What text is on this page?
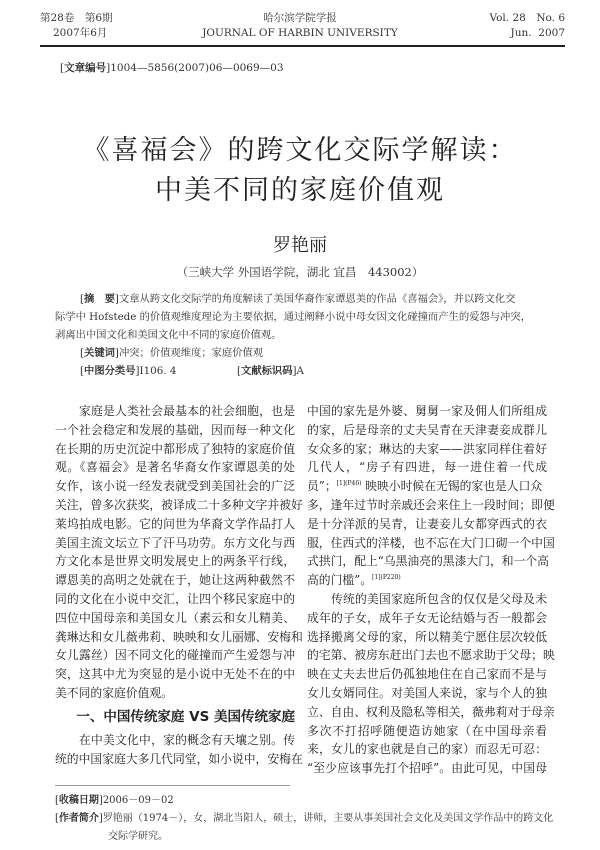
第28卷　第6期
2007年6月
哈尔滨学院学报
JOURNAL OF HARBIN UNIVERSITY
Vol. 28　No. 6
Jun.  2007
[文章编号]1004—5856(2007)06—0069—03
《喜福会》的跨文化交际学解读：
中美不同的家庭价值观
罗艳丽
（三峡大学 外国语学院，湖北 宜昌　443002）
[摘　要]文章从跨文化交际学的角度解读了美国华裔作家谭恩美的作品《喜福会》，并以跨文化交
际学中 Hofstede 的价值观维度理论为主要依据，通过阐释小说中母女因文化碰撞而产生的爱怨与冲突，
剥离出中国文化和美国文化中不同的家庭价值观。
[关键词]冲突；价值观维度；家庭价值观
[中图分类号]I106. 4	[文献标识码]A
家庭是人类社会最基本的社会细胞，也是
一个社会稳定和发展的基础，因而每一种文化
在长期的历史沉淀中都形成了独特的家庭价值
观。《喜福会》是著名华裔女作家谭恩美的处
女作，该小说一经发表就受到美国社会的广泛
关注，曾多次获奖，被译成二十多种文字并被好
莱坞拍成电影。它的问世为华裔文学作品打人
美国主流文坛立下了汗马功劳。东方文化与西
方文化本是世界文明发展史上的两条平行线，
谭恩美的高明之处就在于，她让这两种截然不
同的文化在小说中交汇，让四个移民家庭中的
四位中国母亲和美国女儿（素云和女儿精美、
龚琳达和女儿薇弗莉、映映和女儿丽娜、安梅和
女儿露丝）因不同文化的碰撞而产生爱怨与冲
突，这其中尤为突显的是小说中无处不在的中
美不同的家庭价值观。
一、中国传统家庭 VS 美国传统家庭
在中美文化中，家的概念有天壤之别。传
统的中国家庭大多几代同堂，如小说中，安梅在
中国的家先是外婆、舅舅一家及佣人们所组成
的家，后是母亲的丈夫吴青在天津妻妾成群儿
女众多的家；琳达的夫家——洪家同样住着好
几代人，“房子有四进，每一进住着一代成
员”；$^{[1](P46)}$ 映映小时候在无锡的家也是人口众
多，逢年过节时亲戚还会来住上一段时间；即便
是十分洋派的吴青，让妻妾儿女都穿西式的衣
服，住西式的洋楼，也不忘在大门口砌一个中国
式拱门，配上“乌黑油亮的黑漆大门，和一个高
高的门槛”。$^{[1](P220)}$
传统的美国家庭所包含的仅仅是父母及未
成年的子女，成年子女无论结婚与否一般都会
选择搬离父母的家，所以精美宁愿住层次较低
的宅第、被房东赶出门去也不愿求助于父母；映
映在丈夫去世后仍孤独地住在自己家而不是与
女儿女婿同住。对美国人来说，家与个人的独
立、自由、权利及隐私等相关，薇弗莉对于母亲
多次不打招呼随便造访她家（在中国母亲看
来，女儿的家也就是自己的家）而忍无可忍：
“至少应该事先打个招呼”。由此可见，中国母
[收稿日期]2006－09－02
[作者简介]罗艳丽（1974－），女，湖北当阳人，硕士，讲师，主要从事美国社会文化及美国文学作品中的跨文化
交际学研究。
